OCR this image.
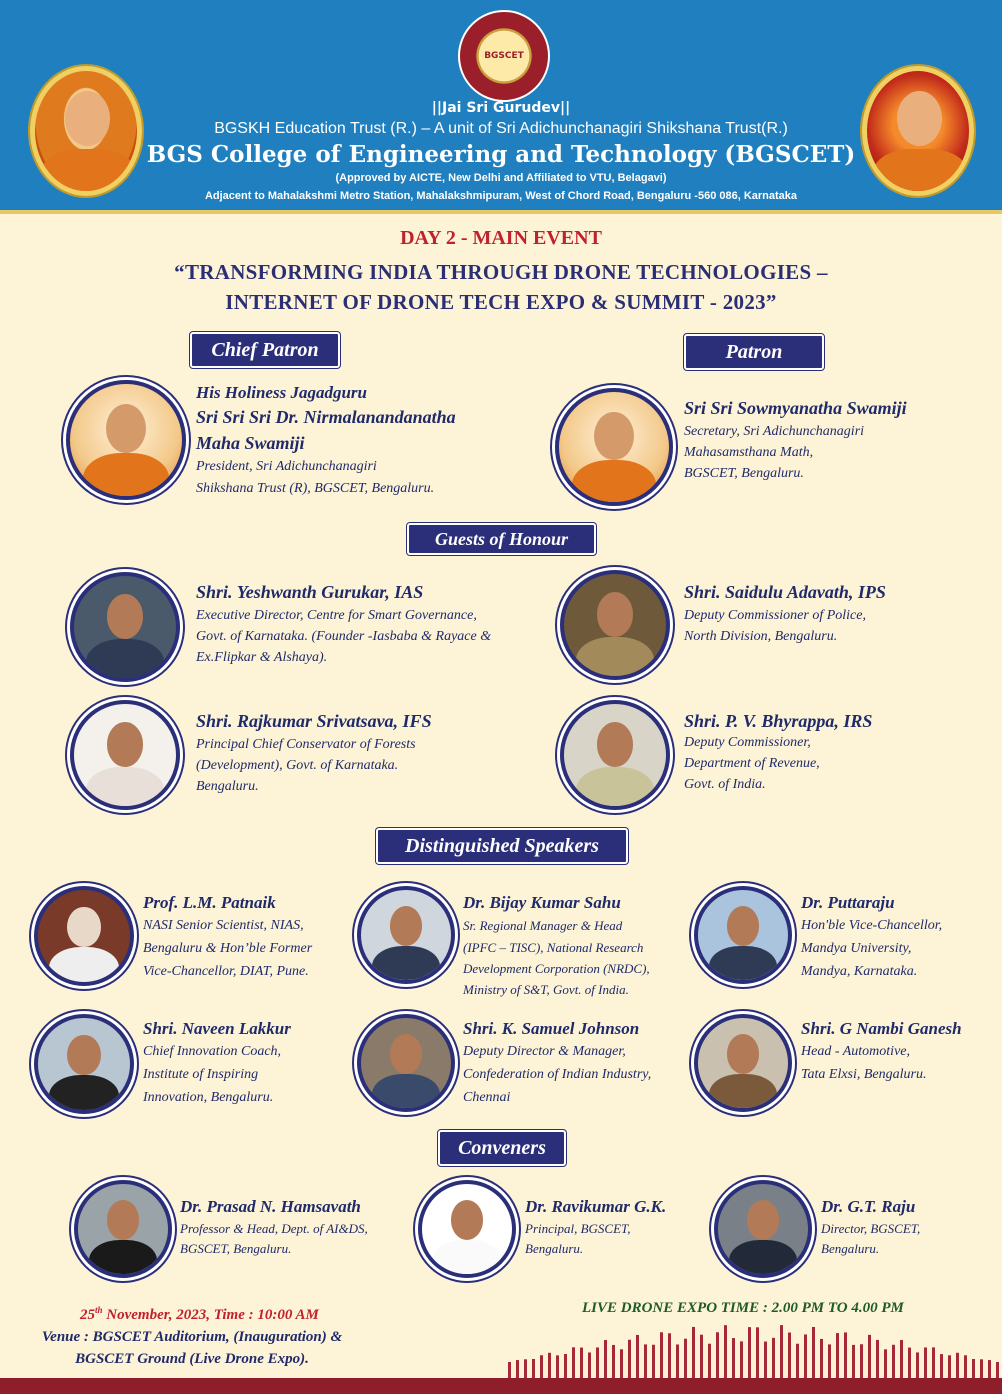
BGSCET
||Jai Sri Gurudev||
BGSKH Education Trust (R.) – A unit of Sri Adichunchanagiri Shikshana Trust(R.)
BGS College of Engineering and Technology (BGSCET)
(Approved by AICTE, New Delhi and Affiliated to VTU, Belagavi)
Adjacent to Mahalakshmi Metro Station, Mahalakshmipuram, West of Chord Road, Bengaluru -560 086, Karnataka
DAY 2 - MAIN EVENT
“TRANSFORMING INDIA THROUGH DRONE TECHNOLOGIES –
INTERNET OF DRONE TECH EXPO & SUMMIT - 2023”
Chief Patron	Patron
His Holiness Jagadguru
Sri Sri Sri Dr. Nirmalanandanatha
Maha Swamiji
President, Sri Adichunchanagiri
Shikshana Trust (R), BGSCET, Bengaluru.
Sri Sri Sowmyanatha Swamiji
Secretary, Sri Adichunchanagiri
Mahasamsthana Math,
BGSCET, Bengaluru.
Guests of Honour
Shri. Yeshwanth Gurukar, IAS
Executive Director, Centre for Smart Governance,
Govt. of Karnataka. (Founder -Iasbaba & Rayace &
Ex.Flipkar & Alshaya).
Shri. Saidulu Adavath, IPS
Deputy Commissioner of Police,
North Division, Bengaluru.
Shri. Rajkumar Srivatsava, IFS
Principal Chief Conservator of Forests
(Development), Govt. of Karnataka.
Bengaluru.
Shri. P. V. Bhyrappa, IRS
Deputy Commissioner,
Department of Revenue,
Govt. of India.
Distinguished Speakers
Prof. L.M. Patnaik
NASI Senior Scientist, NIAS,
Bengaluru & Hon’ble Former
Vice-Chancellor, DIAT, Pune.
Dr. Bijay Kumar Sahu
Sr. Regional Manager & Head
(IPFC – TISC), National Research
Development Corporation (NRDC),
Ministry of S&T, Govt. of India.
Dr. Puttaraju
Hon'ble Vice-Chancellor,
Mandya University,
Mandya, Karnataka.
Shri. Naveen Lakkur
Chief Innovation Coach,
Institute of Inspiring
Innovation, Bengaluru.
Shri. K. Samuel Johnson
Deputy Director & Manager,
Confederation of Indian Industry,
Chennai
Shri. G Nambi Ganesh
Head - Automotive,
Tata Elxsi, Bengaluru.
Conveners
Dr. Prasad N. Hamsavath
Professor & Head, Dept. of AI&DS,
BGSCET, Bengaluru.
Dr. Ravikumar G.K.
Principal, BGSCET,
Bengaluru.
Dr. G.T. Raju
Director, BGSCET,
Bengaluru.
25th November, 2023, Time : 10:00 AM
Venue : BGSCET Auditorium, (Inauguration) &
BGSCET Ground (Live Drone Expo).
LIVE DRONE EXPO TIME : 2.00 PM TO 4.00 PM
